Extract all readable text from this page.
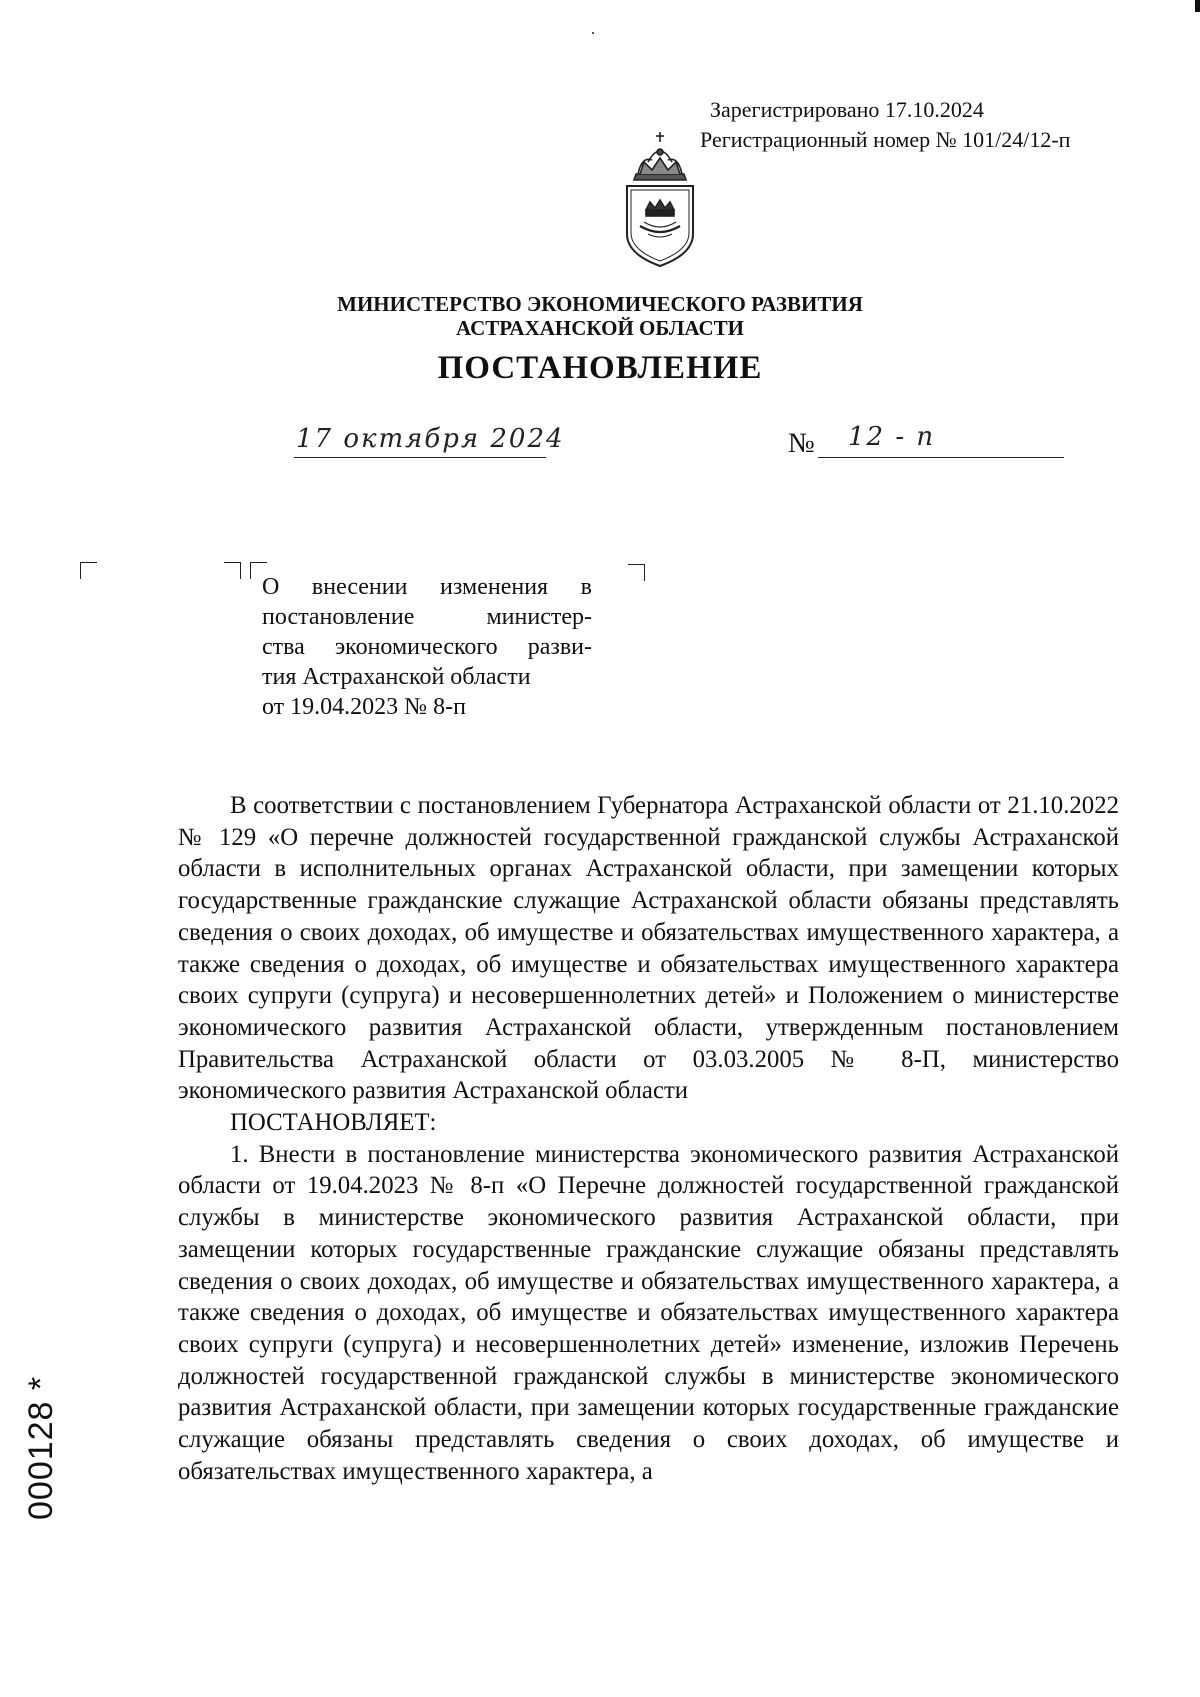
Зарегистрировано 17.10.2024
Регистрационный номер № 101/24/12-п
МИНИСТЕРСТВО ЭКОНОМИЧЕСКОГО РАЗВИТИЯ
АСТРАХАНСКОЙ ОБЛАСТИ
ПОСТАНОВЛЕНИЕ
17 октября 2024	№ 12 - п

О внесении изменения в

постановление министер-

ства экономического разви-

тия Астраханской области

от 19.04.2023 № 8-п

В соответствии с постановлением Губернатора Астраханской области от 21.10.2022 № 129 «О перечне должностей государственной гражданской службы Астраханской области в исполнительных органах Астраханской области, при замещении которых государственные гражданские служащие Астраханской области обязаны представлять сведения о своих доходах, об имуществе и обязательствах имущественного характера, а также сведения о доходах, об имуществе и обязательствах имущественного характера своих супруги (супруга) и несовершеннолетних детей» и Положением о министерстве экономического развития Астраханской области, утвержденным постановлением Правительства Астраханской области от 03.03.2005 № 8-П, министерство экономического развития Астраханской области

ПОСТАНОВЛЯЕТ:

1. Внести в постановление министерства экономического развития Астраханской области от 19.04.2023 № 8-п «О Перечне должностей государственной гражданской службы в министерстве экономического развития Астраханской области, при замещении которых государственные гражданские служащие обязаны представлять сведения о своих доходах, об имуществе и обязательствах имущественного характера, а также сведения о доходах, об имуществе и обязательствах имущественного характера своих супруги (супруга) и несовершеннолетних детей» изменение, изложив Перечень должностей государственной гражданской службы в министерстве экономического развития Астраханской области, при замещении которых государственные гражданские служащие обязаны представлять сведения о своих доходах, об имуществе и обязательствах имущественного характера, а

000128 *
